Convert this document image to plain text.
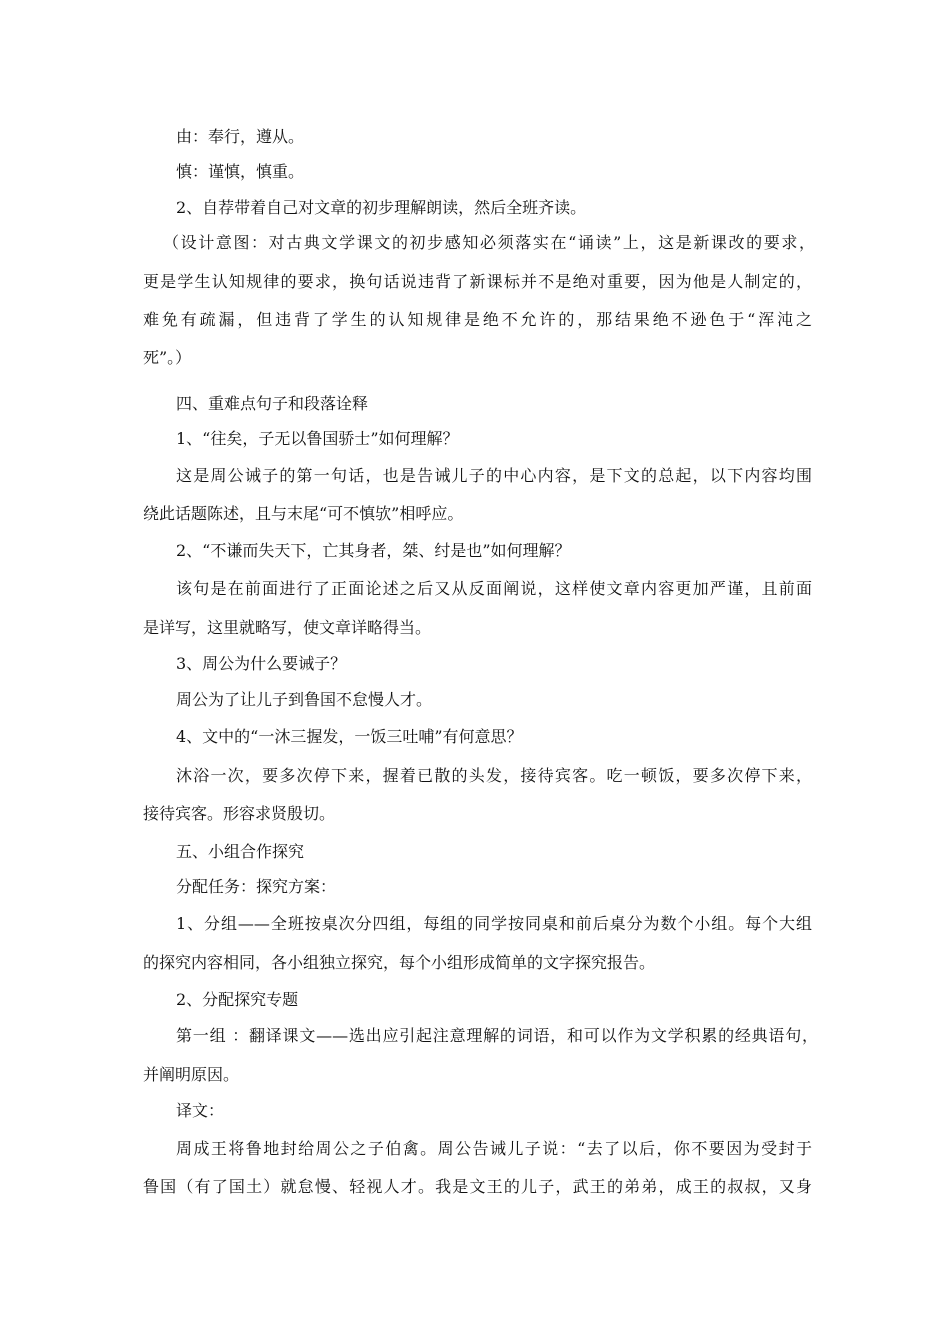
由：奉行，遵从。

慎：谨慎，慎重。

2、自荐带着自己对文章的初步理解朗读，然后全班齐读。

（设计意图：对古典文学课文的初步感知必须落实在“诵读”上，这是新课改的要求，

更是学生认知规律的要求，换句话说违背了新课标并不是绝对重要，因为他是人制定的，

难免有疏漏，但违背了学生的认知规律是绝不允许的，那结果绝不逊色于“浑沌之

死”。）

四、重难点句子和段落诠释

1、“往矣，子无以鲁国骄士”如何理解？

这是周公诫子的第一句话，也是告诫儿子的中心内容，是下文的总起，以下内容均围

绕此话题陈述，且与末尾“可不慎欤”相呼应。

2、“不谦而失天下，亡其身者，桀、纣是也”如何理解？

该句是在前面进行了正面论述之后又从反面阐说，这样使文章内容更加严谨，且前面

是详写，这里就略写，使文章详略得当。

3、周公为什么要诫子？

周公为了让儿子到鲁国不怠慢人才。

4、文中的“一沐三握发，一饭三吐哺”有何意思？

沐浴一次，要多次停下来，握着已散的头发，接待宾客。吃一顿饭，要多次停下来，

接待宾客。形容求贤殷切。

五、小组合作探究

分配任务：探究方案：

1、分组——全班按桌次分四组，每组的同学按同桌和前后桌分为数个小组。每个大组

的探究内容相同，各小组独立探究，每个小组形成简单的文字探究报告。

2、分配探究专题

第一组 ：翻译课文——选出应引起注意理解的词语，和可以作为文学积累的经典语句，

并阐明原因。

译文：

周成王将鲁地封给周公之子伯禽。周公告诫儿子说：“去了以后，你不要因为受封于

鲁国（有了国土）就怠慢、轻视人才。我是文王的儿子，武王的弟弟，成王的叔叔，又身
